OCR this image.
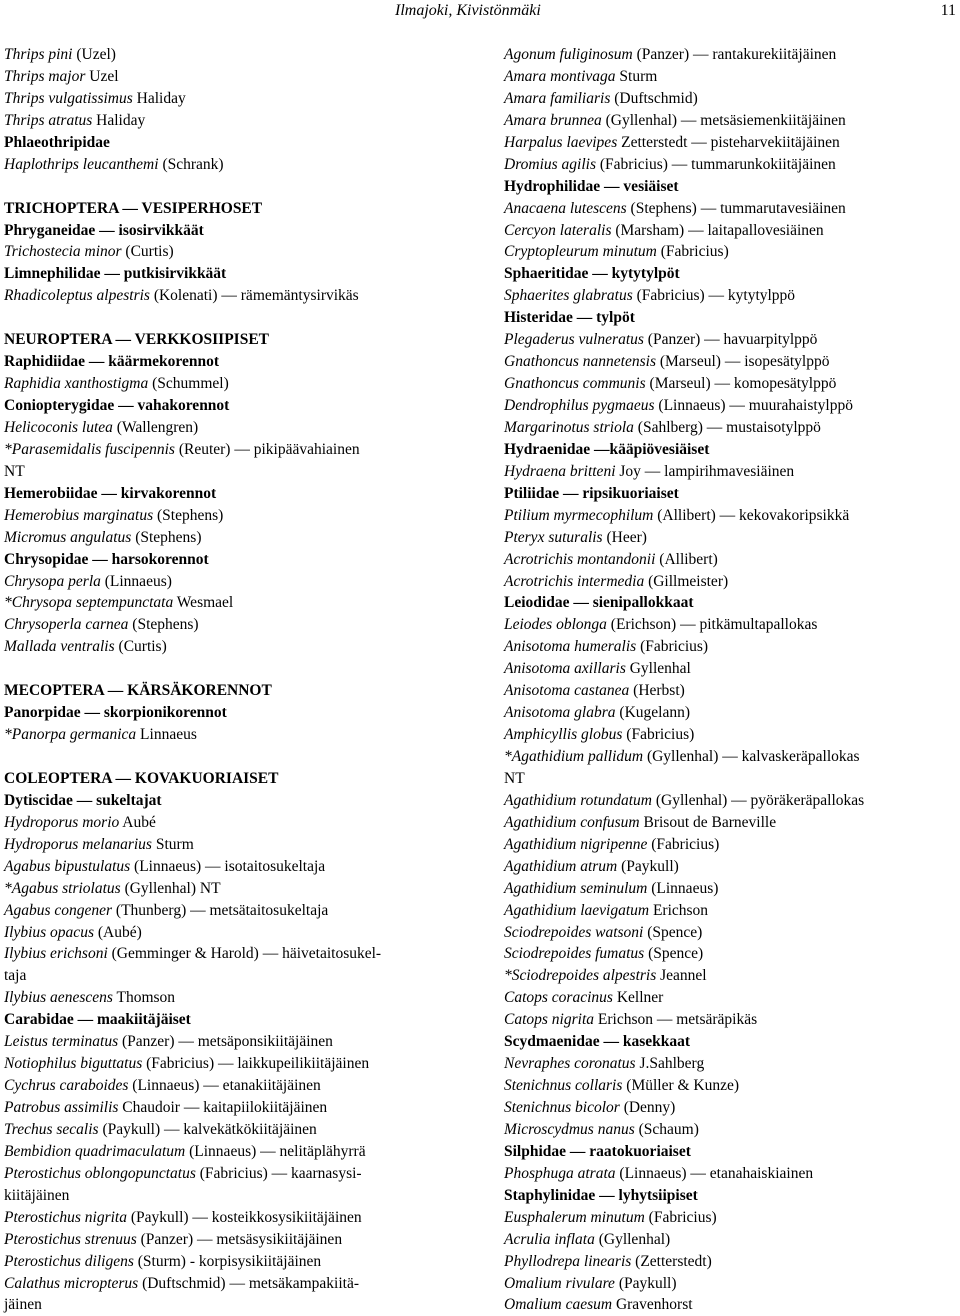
Ilmajoki, Kivistönmäki	11
Thrips pini (Uzel)
Thrips major Uzel
Thrips vulgatissimus Haliday
Thrips atratus Haliday
Phlaeothripidae
Haplothrips leucanthemi (Schrank)
TRICHOPTERA — VESIPERHOSET
Phryganeidae — isosirvikkäät
Trichostecia minor (Curtis)
Limnephilidae — putkisirvikkäät
Rhadicoleptus alpestris (Kolenati) — rämemäntysirvikäs
NEUROPTERA — VERKKOSIIPISET
Raphidiidae — käärmekorennot
Raphidia xanthostigma (Schummel)
Coniopterygidae — vahakorennot
Helicoconis lutea (Wallengren)
*Parasemidalis fuscipennis (Reuter) — pikipäävahiainen
NT
Hemerobiidae — kirvakorennot
Hemerobius marginatus (Stephens)
Micromus angulatus (Stephens)
Chrysopidae — harsokorennot
Chrysopa perla (Linnaeus)
*Chrysopa septempunctata Wesmael
Chrysoperla carnea (Stephens)
Mallada ventralis (Curtis)
MECOPTERA — KÄRSÄKORENNOT
Panorpidae — skorpionikorennot
*Panorpa germanica Linnaeus
COLEOPTERA — KOVAKUORIAISET
Dytiscidae — sukeltajat
Hydroporus morio Aubé
Hydroporus melanarius Sturm
Agabus bipustulatus (Linnaeus) — isotaitosukeltaja
*Agabus striolatus (Gyllenhal) NT
Agabus congener (Thunberg) — metsätaitosukeltaja
Ilybius opacus (Aubé)
Ilybius erichsoni (Gemminger & Harold) — häivetaitosukel-
taja
Ilybius aenescens Thomson
Carabidae — maakiitäjäiset
Leistus terminatus (Panzer) — metsäponsikiitäjäinen
Notiophilus biguttatus (Fabricius) — laikkupeilikiitäjäinen
Cychrus caraboides (Linnaeus) — etanakiitäjäinen
Patrobus assimilis Chaudoir — kaitapiilokiitäjäinen
Trechus secalis (Paykull) — kalvekätkökiitäjäinen
Bembidion quadrimaculatum (Linnaeus) — nelitäplähyrrä
Pterostichus oblongopunctatus (Fabricius) — kaarnasysi-
kiitäjäinen
Pterostichus nigrita (Paykull) — kosteikkosysikiitäjäinen
Pterostichus strenuus (Panzer) — metsäsysikiitäjäinen
Pterostichus diligens (Sturm) - korpisysikiitäjäinen
Calathus micropterus (Duftschmid) — metsäkampakiitä-
jäinen
Agonum fuliginosum (Panzer) — rantakurekiitäjäinen
Amara montivaga Sturm
Amara familiaris (Duftschmid)
Amara brunnea (Gyllenhal) — metsäsiemenkiitäjäinen
Harpalus laevipes Zetterstedt — pisteharvekiitäjäinen
Dromius agilis (Fabricius) — tummarunkokiitäjäinen
Hydrophilidae — vesiäiset
Anacaena lutescens (Stephens) — tummarutavesiäinen
Cercyon lateralis (Marsham) — laitapallovesiäinen
Cryptopleurum minutum (Fabricius)
Sphaeritidae — kytytylpöt
Sphaerites glabratus (Fabricius) — kytytylppö
Histeridae — tylpöt
Plegaderus vulneratus (Panzer) — havuarpitylppö
Gnathoncus nannetensis (Marseul) — isopesätylppö
Gnathoncus communis (Marseul) — komopesätylppö
Dendrophilus pygmaeus (Linnaeus) — muurahaistylppö
Margarinotus striola (Sahlberg) — mustaisotylppö
Hydraenidae —kääpiövesiäiset
Hydraena britteni Joy — lampirihmavesiäinen
Ptiliidae — ripsikuoriaiset
Ptilium myrmecophilum (Allibert) — kekovakoripsikkä
Pteryx suturalis (Heer)
Acrotrichis montandonii (Allibert)
Acrotrichis intermedia (Gillmeister)
Leiodidae — sienipallokkaat
Leiodes oblonga (Erichson) — pitkämultapallokas
Anisotoma humeralis (Fabricius)
Anisotoma axillaris Gyllenhal
Anisotoma castanea (Herbst)
Anisotoma glabra (Kugelann)
Amphicyllis globus (Fabricius)
*Agathidium pallidum (Gyllenhal) — kalvaskeräpallokas
NT
Agathidium rotundatum (Gyllenhal) — pyöräkeräpallokas
Agathidium confusum Brisout de Barneville
Agathidium nigripenne (Fabricius)
Agathidium atrum (Paykull)
Agathidium seminulum (Linnaeus)
Agathidium laevigatum Erichson
Sciodrepoides watsoni (Spence)
Sciodrepoides fumatus (Spence)
*Sciodrepoides alpestris Jeannel
Catops coracinus Kellner
Catops nigrita Erichson — metsäräpikäs
Scydmaenidae — kasekkaat
Nevraphes coronatus J.Sahlberg
Stenichnus collaris (Müller & Kunze)
Stenichnus bicolor (Denny)
Microscydmus nanus (Schaum)
Silphidae — raatokuoriaiset
Phosphuga atrata (Linnaeus) — etanahaiskiainen
Staphylinidae — lyhytsiipiset
Eusphalerum minutum (Fabricius)
Acrulia inflata (Gyllenhal)
Phyllodrepa linearis (Zetterstedt)
Omalium rivulare (Paykull)
Omalium caesum Gravenhorst
